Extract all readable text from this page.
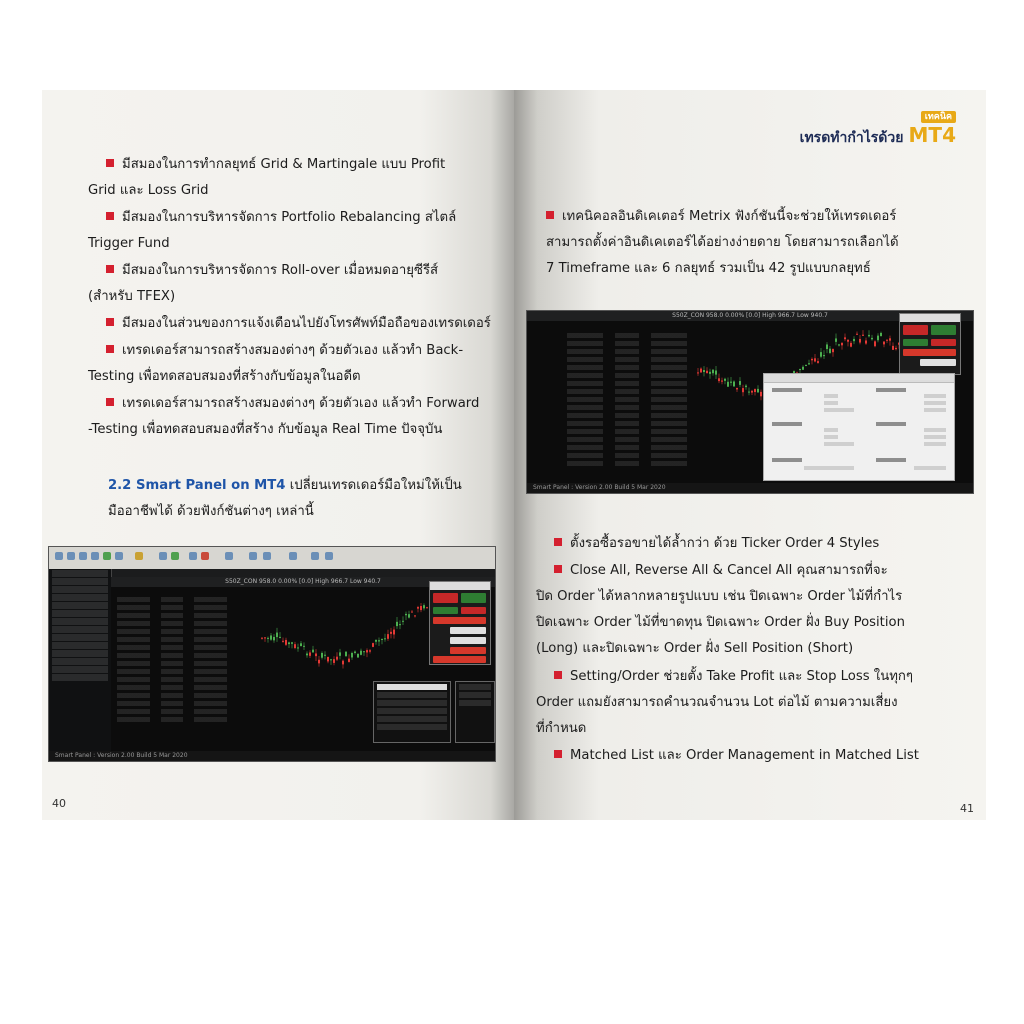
มีสมองในการทำกลยุทธ์ Grid & Martingale แบบ Profit
Grid และ Loss Grid
มีสมองในการบริหารจัดการ Portfolio Rebalancing สไตล์
Trigger Fund
มีสมองในการบริหารจัดการ Roll-over เมื่อหมดอายุซีรีส์
(สำหรับ TFEX)
มีสมองในส่วนของการแจ้งเตือนไปยังโทรศัพท์มือถือของเทรดเดอร์
เทรดเดอร์สามารถสร้างสมองต่างๆ ด้วยตัวเอง แล้วทำ Back-
Testing เพื่อทดสอบสมองที่สร้างกับข้อมูลในอดีต
เทรดเดอร์สามารถสร้างสมองต่างๆ ด้วยตัวเอง แล้วทำ Forward
-Testing เพื่อทดสอบสมองที่สร้าง กับข้อมูล Real Time ปัจจุบัน
2.2 Smart Panel on MT4 เปลี่ยนเทรดเดอร์มือใหม่ให้เป็น
มืออาชีพได้ ด้วยฟังก์ชันต่างๆ เหล่านี้
S50Z_CON 958.0 0.00% [0.0] High 966.7 Low 940.7
Smart Panel : Version 2.00 Build 5 Mar 2020
40
เทคนิค
เทรดทำกำไรด้วย MT4
เทคนิคอลอินดิเคเตอร์ Metrix ฟังก์ชันนี้จะช่วยให้เทรดเดอร์
สามารถตั้งค่าอินดิเคเตอร์ได้อย่างง่ายดาย โดยสามารถเลือกได้
7 Timeframe และ 6 กลยุทธ์ รวมเป็น 42 รูปแบบกลยุทธ์
S50Z_CON 958.0 0.00% [0.0] High 966.7 Low 940.7
Smart Panel : Version 2.00 Build 5 Mar 2020
ตั้งรอซื้อรอขายได้ล้ำกว่า ด้วย Ticker Order 4 Styles
Close All, Reverse All & Cancel All คุณสามารถที่จะ
ปิด Order ได้หลากหลายรูปแบบ เช่น ปิดเฉพาะ Order ไม้ที่กำไร
ปิดเฉพาะ Order ไม้ที่ขาดทุน ปิดเฉพาะ Order ฝั่ง Buy Position
(Long) และปิดเฉพาะ Order ฝั่ง Sell Position (Short)
Setting/Order ช่วยตั้ง Take Profit และ Stop Loss ในทุกๆ
Order แถมยังสามารถคำนวณจำนวน Lot ต่อไม้ ตามความเสี่ยง
ที่กำหนด
Matched List และ Order Management in Matched List
41
